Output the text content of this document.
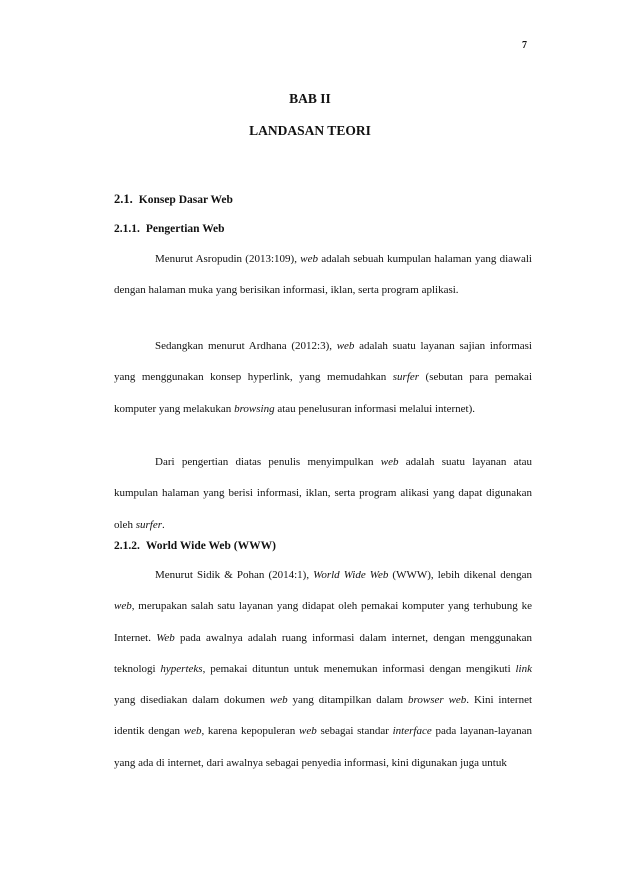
7
BAB II
LANDASAN TEORI
2.1. Konsep Dasar Web
2.1.1. Pengertian Web

Menurut Asropudin (2013:109), web adalah sebuah kumpulan halaman yang diawali dengan halaman muka yang berisikan informasi, iklan, serta program aplikasi.

Sedangkan menurut Ardhana (2012:3), web adalah suatu layanan sajian informasi yang menggunakan konsep hyperlink, yang memudahkan surfer (sebutan para pemakai komputer yang melakukan browsing atau penelusuran informasi melalui internet).

Dari pengertian diatas penulis menyimpulkan web adalah suatu layanan atau kumpulan halaman yang berisi informasi, iklan, serta program alikasi yang dapat digunakan oleh surfer.

2.1.2. World Wide Web (WWW)

Menurut Sidik & Pohan (2014:1), World Wide Web (WWW), lebih dikenal dengan web, merupakan salah satu layanan yang didapat oleh pemakai komputer yang terhubung ke Internet. Web pada awalnya adalah ruang informasi dalam internet, dengan menggunakan teknologi hyperteks, pemakai dituntun untuk menemukan informasi dengan mengikuti link yang disediakan dalam dokumen web yang ditampilkan dalam browser web. Kini internet identik dengan web, karena kepopuleran web sebagai standar interface pada layanan-layanan yang ada di internet, dari awalnya sebagai penyedia informasi, kini digunakan juga untuk
